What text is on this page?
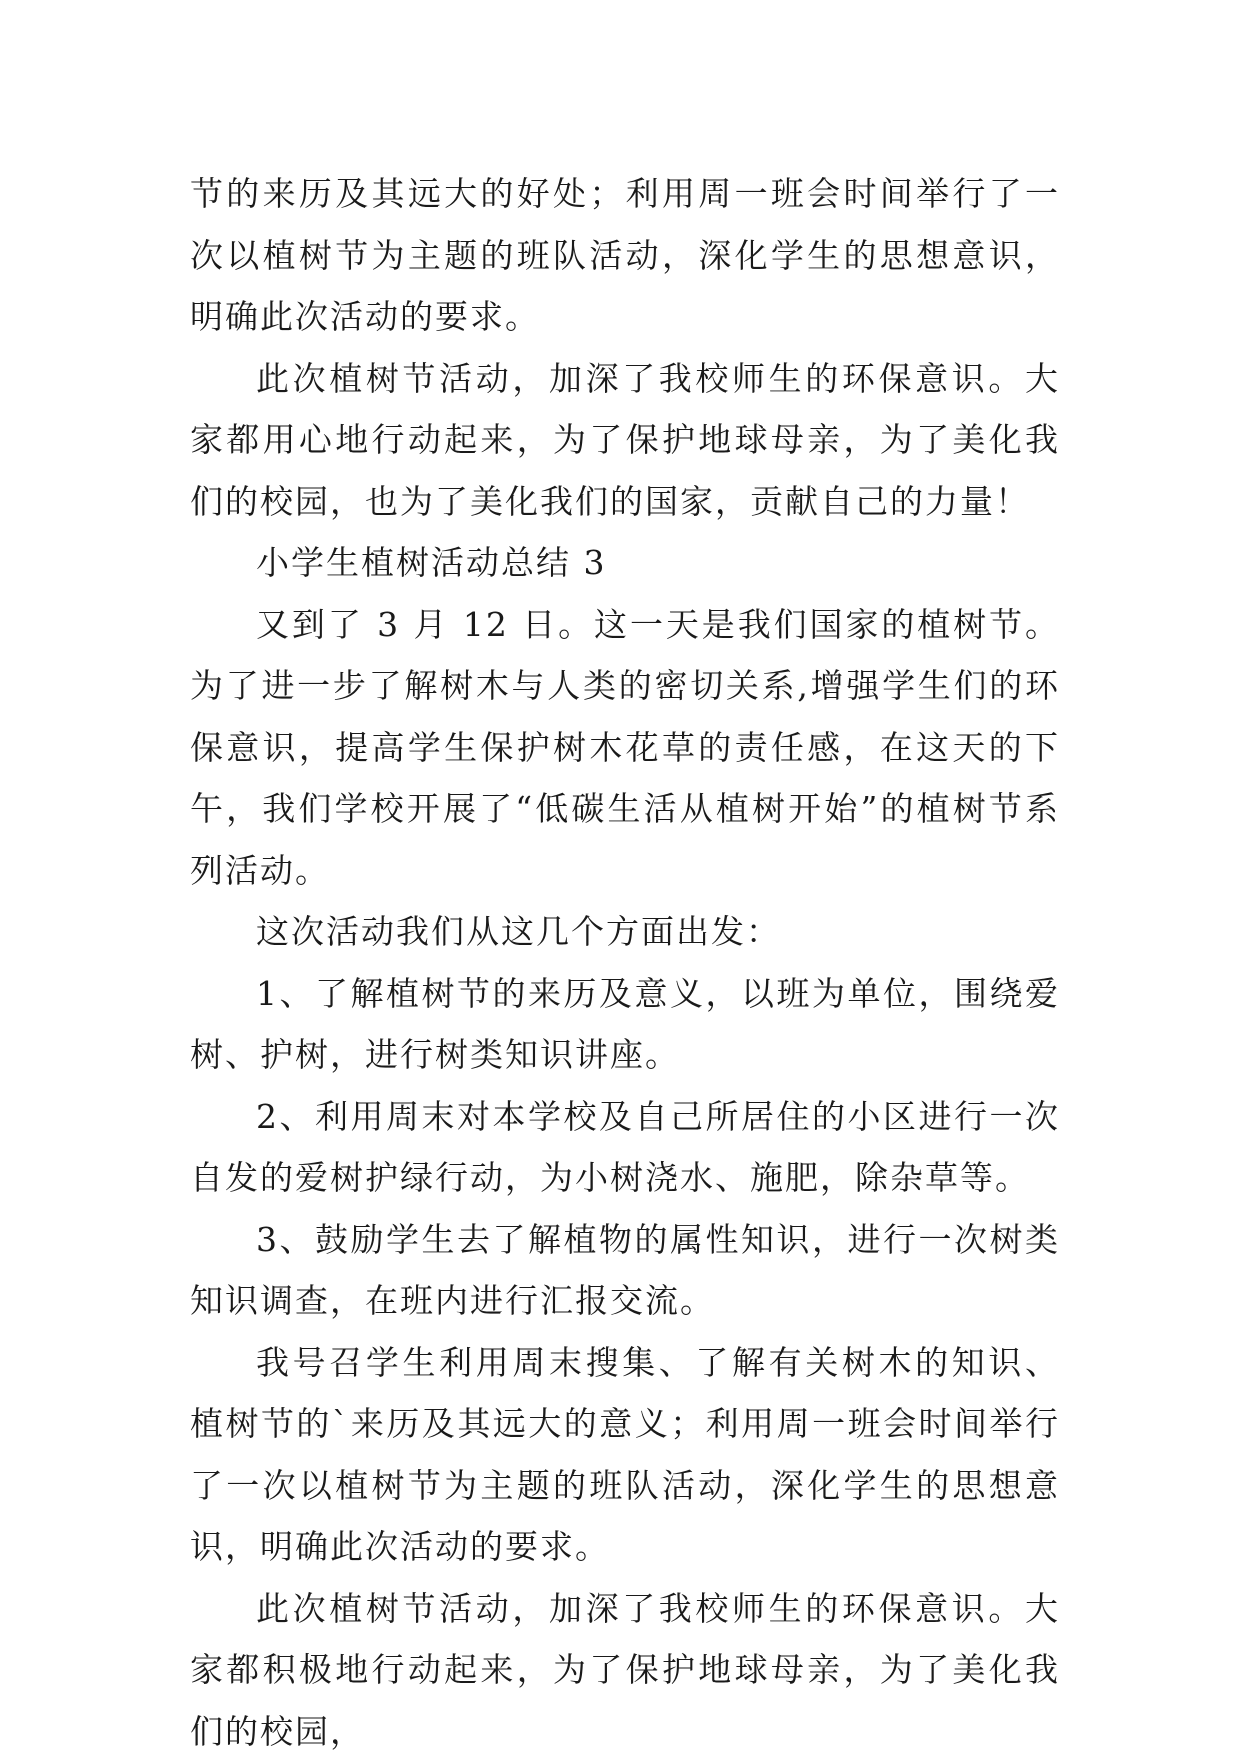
节的来历及其远大的好处；利用周一班会时间举行了一次以植树节为主题的班队活动，深化学生的思想意识，明确此次活动的要求。

此次植树节活动，加深了我校师生的环保意识。大家都用心地行动起来，为了保护地球母亲，为了美化我们的校园，也为了美化我们的国家，贡献自己的力量！

小学生植树活动总结 3

又到了 3 月 12 日。这一天是我们国家的植树节。为了进一步了解树木与人类的密切关系,增强学生们的环保意识，提高学生保护树木花草的责任感，在这天的下午，我们学校开展了“低碳生活从植树开始”的植树节系列活动。

这次活动我们从这几个方面出发：

1、了解植树节的来历及意义，以班为单位，围绕爱树、护树，进行树类知识讲座。

2、利用周末对本学校及自己所居住的小区进行一次自发的爱树护绿行动，为小树浇水、施肥，除杂草等。

3、鼓励学生去了解植物的属性知识，进行一次树类知识调查，在班内进行汇报交流。

我号召学生利用周末搜集、了解有关树木的知识、植树节的`来历及其远大的意义；利用周一班会时间举行了一次以植树节为主题的班队活动，深化学生的思想意识，明确此次活动的要求。

此次植树节活动，加深了我校师生的环保意识。大家都积极地行动起来，为了保护地球母亲，为了美化我们的校园，
